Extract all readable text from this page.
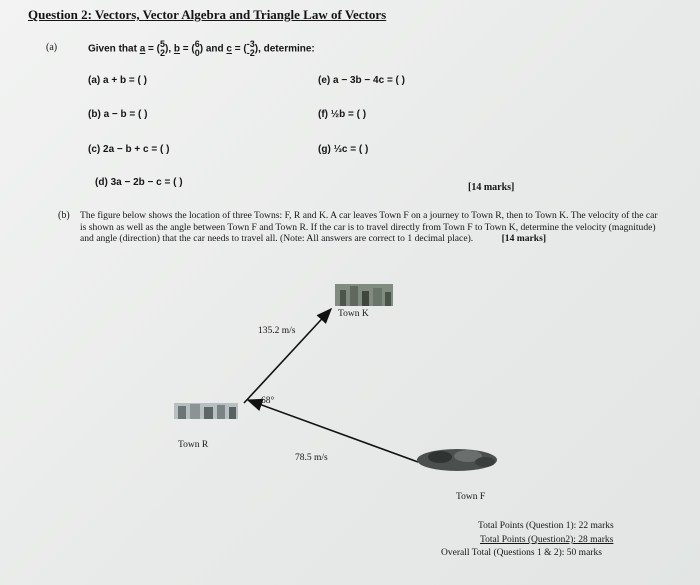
Question 2: Vectors, Vector Algebra and Triangle Law of Vectors
(a)	Given that a = ( 5
2 ), b = ( 6
0 ) and c = ( -3
-2 ), determine:
(a) a + b = ( )
(b) a − b = ( )
(c) 2a − b + c = ( )
(d) 3a − 2b − c = ( )
(e) a − 3b − 4c = ( )
(f) ½b = ( )
(g) ⅓c = ( )
[14 marks]
(b) The figure below shows the location of three Towns: F, R and K. A car leaves Town F on a journey to Town R, then to Town K. The velocity of the car is shown as well as the angle between Town F and Town R. If the car is to travel directly from Town F to Town K, determine the velocity (magnitude) and angle (direction) that the car needs to travel all. (Note: All answers are correct to 1 decimal place).	[14 marks]
Town K
135.2 m/s
68°
Town R
78.5 m/s
Town F
Total Points (Question 1): 22 marks
Total Points (Question2): 28 marks
Overall Total (Questions 1 & 2): 50 marks
